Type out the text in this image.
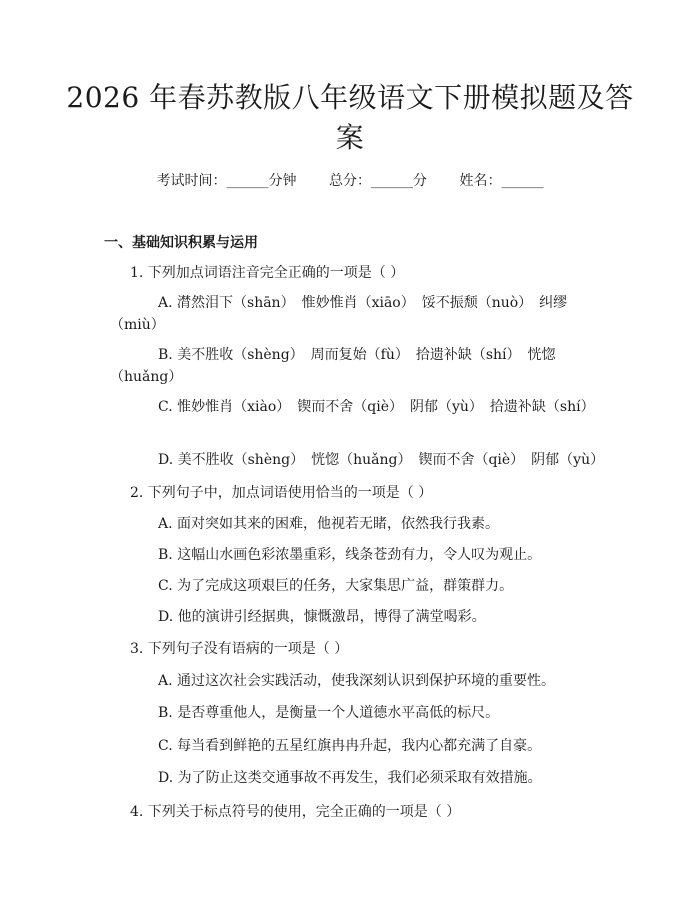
2026 年春苏教版八年级语文下册模拟题及答
案
考试时间：______分钟 总分：______分 姓名：______
一、基础知识积累与运用
1. 下列加点词语注音完全正确的一项是（ ）
A. 潸然泪下（shān）　惟妙惟肖（xiāo）　馁不振颓（nuò）　纠缪（miù）
B. 美不胜收（shèng）　周而复始（fù）　拾遗补缺（shí）　恍惚（huǎng）
C. 惟妙惟肖（xiào）　锲而不舍（qiè）　阴郁（yù）　拾遗补缺（shí）
D. 美不胜收（shèng）　恍惚（huǎng）　锲而不舍（qiè）　阴郁（yù）
2. 下列句子中，加点词语使用恰当的一项是（ ）
A. 面对突如其来的困难，他视若无睹，依然我行我素。
B. 这幅山水画色彩浓墨重彩，线条苍劲有力，令人叹为观止。
C. 为了完成这项艰巨的任务，大家集思广益，群策群力。
D. 他的演讲引经据典，慷慨激昂，博得了满堂喝彩。
3. 下列句子没有语病的一项是（ ）
A. 通过这次社会实践活动，使我深刻认识到保护环境的重要性。
B. 是否尊重他人，是衡量一个人道德水平高低的标尺。
C. 每当看到鲜艳的五星红旗冉冉升起，我内心都充满了自豪。
D. 为了防止这类交通事故不再发生，我们必须采取有效措施。
4. 下列关于标点符号的使用，完全正确的一项是（ ）
